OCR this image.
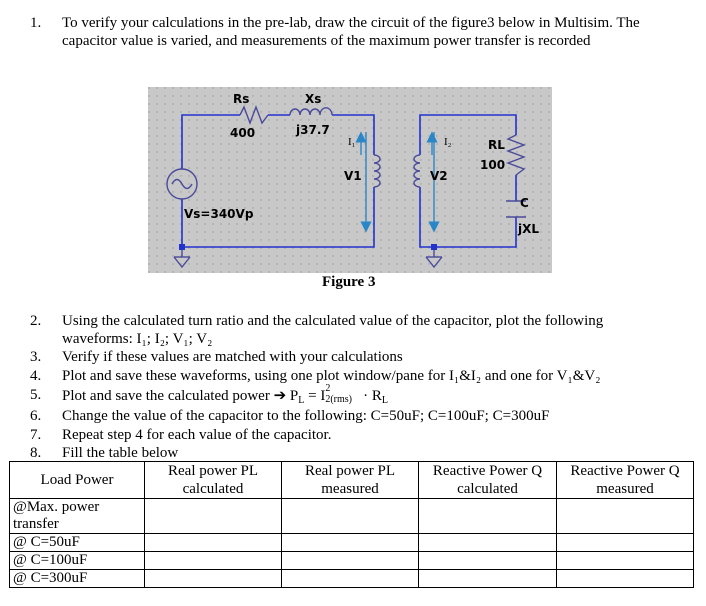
1. To verify your calculations in the pre-lab, draw the circuit of the figure3 below in Multisim. The
capacitor value is varied, and measurements of the maximum power transfer is recorded
Rs
400
Xs
j37.7
I₁
V1
I₂
V2
RL
100
C
jXL
Vs=340Vp
Figure 3
2. Using the calculated turn ratio and the calculated value of the capacitor, plot the following
waveforms: I₁; I₂; V₁; V₂
3. Verify if these values are matched with your calculations
4. Plot and save these waveforms, using one plot window/pane for I₁&I₂ and one for V₁&V₂
5. Plot and save the calculated power ➔ $P_L = I$ 2
$2(rms) \cdot R_L$
6. Change the value of the capacitor to the following: C=50uF; C=100uF; C=300uF
7. Repeat step 4 for each value of the capacitor.
8. Fill the table below
Load Power	Real power PL calculated	Real power PL measured	Reactive Power Q calculated	Reactive Power Q measured
@Max. power transfer				
@ C=50uF				
@ C=100uF				
@ C=300uF				
